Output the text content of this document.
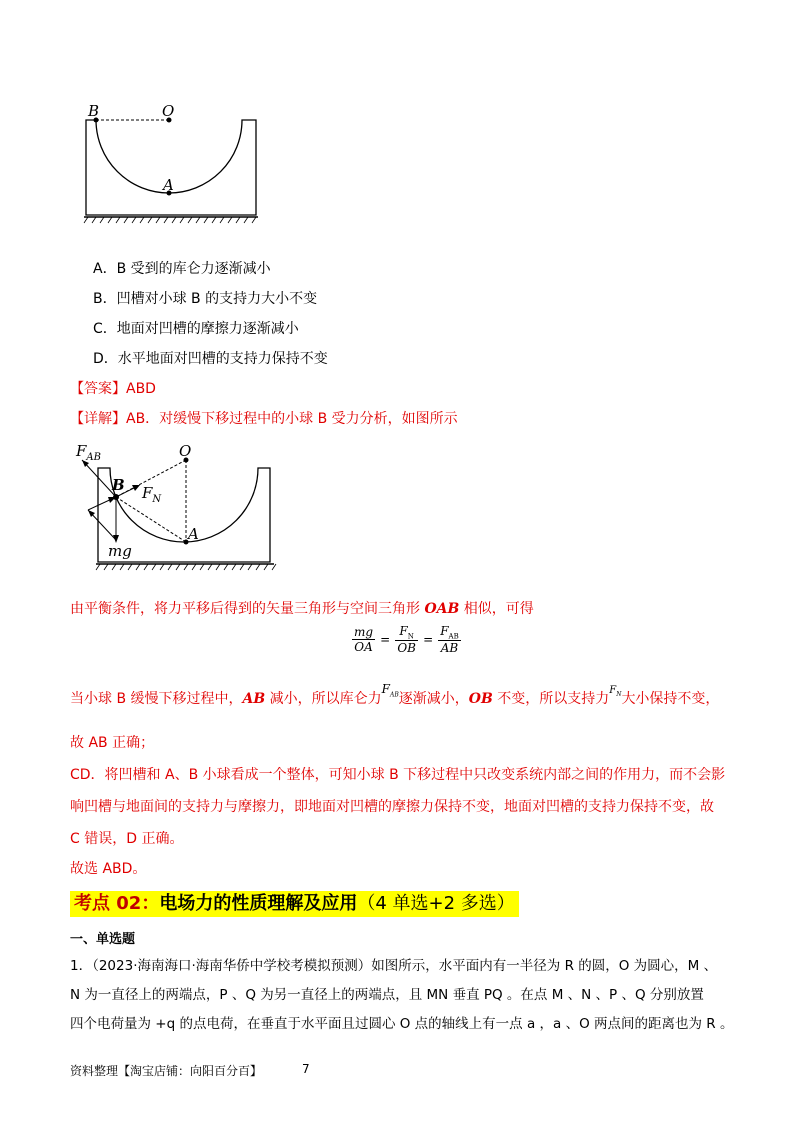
B	O
A
A．B 受到的库仑力逐渐减小
B．凹槽对小球 B 的支持力大小不变
C．地面对凹槽的摩擦力逐渐减小
D．水平地面对凹槽的支持力保持不变
【答案】ABD
【详解】AB．对缓慢下移过程中的小球 B 受力分析，如图所示
$F_{AB}$
B
O
$F_N$
A
mg
由平衡条件，将力平移后得到的矢量三角形与空间三角形 OAB 相似，可得
$\frac{mg}{OA} = \frac{F_N}{OB} = \frac{F_{AB}}{AB}$
当小球 B 缓慢下移过程中，AB 减小，所以库仑力$F_{AB}$逐渐减小，OB 不变，所以支持力$^{F_N}$大小保持不变，
故 AB 正确；
CD．将凹槽和 A、B 小球看成一个整体，可知小球 B 下移过程中只改变系统内部之间的作用力，而不会影
响凹槽与地面间的支持力与摩擦力，即地面对凹槽的摩擦力保持不变，地面对凹槽的支持力保持不变，故
C 错误，D 正确。
故选 ABD。
考点 02：电场力的性质理解及应用（4 单选+2 多选）
一、单选题
1．（2023·海南海口·海南华侨中学校考模拟预测）如图所示，水平面内有一半径为 R 的圆，O 为圆心，M 、
N 为一直径上的两端点，P 、Q 为另一直径上的两端点，且 MN 垂直 PQ 。在点 M 、N 、P 、Q 分别放置
四个电荷量为 +q 的点电荷，在垂直于水平面且过圆心 O 点的轴线上有一点 a ，a 、O 两点间的距离也为 R 。
资料整理【淘宝店铺：向阳百分百】	7
